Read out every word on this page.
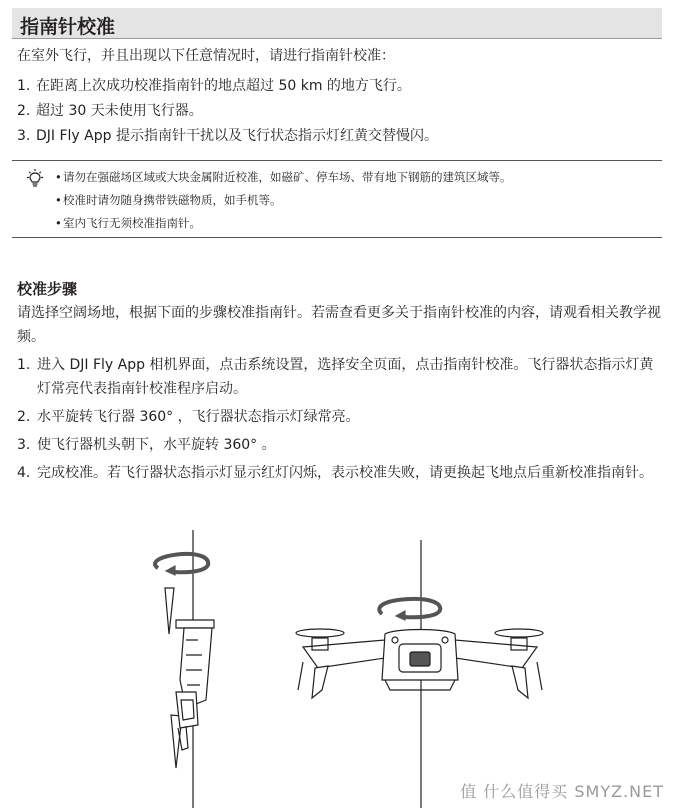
指南针校准
在室外飞行，并且出现以下任意情况时，请进行指南针校准：
1. 在距离上次成功校准指南针的地点超过 50 km 的地方飞行。
2. 超过 30 天未使用飞行器。
3. DJI Fly App 提示指南针干扰以及飞行状态指示灯红黄交替慢闪。
• 请勿在强磁场区域或大块金属附近校准，如磁矿、停车场、带有地下钢筋的建筑区域等。
• 校准时请勿随身携带铁磁物质，如手机等。
• 室内飞行无须校准指南针。
校准步骤
请选择空阔场地，根据下面的步骤校准指南针。若需查看更多关于指南针校准的内容，请观看相关教学视频。
1. 进入 DJI Fly App 相机界面，点击系统设置，选择安全页面，点击指南针校准。飞行器状态指示灯黄灯常亮代表指南针校准程序启动。
2. 水平旋转飞行器 360° ，飞行器状态指示灯绿常亮。
3. 使飞行器机头朝下，水平旋转 360° 。
4. 完成校准。若飞行器状态指示灯显示红灯闪烁，表示校准失败，请更换起飞地点后重新校准指南针。
值 什么值得买 SMYZ.NET
